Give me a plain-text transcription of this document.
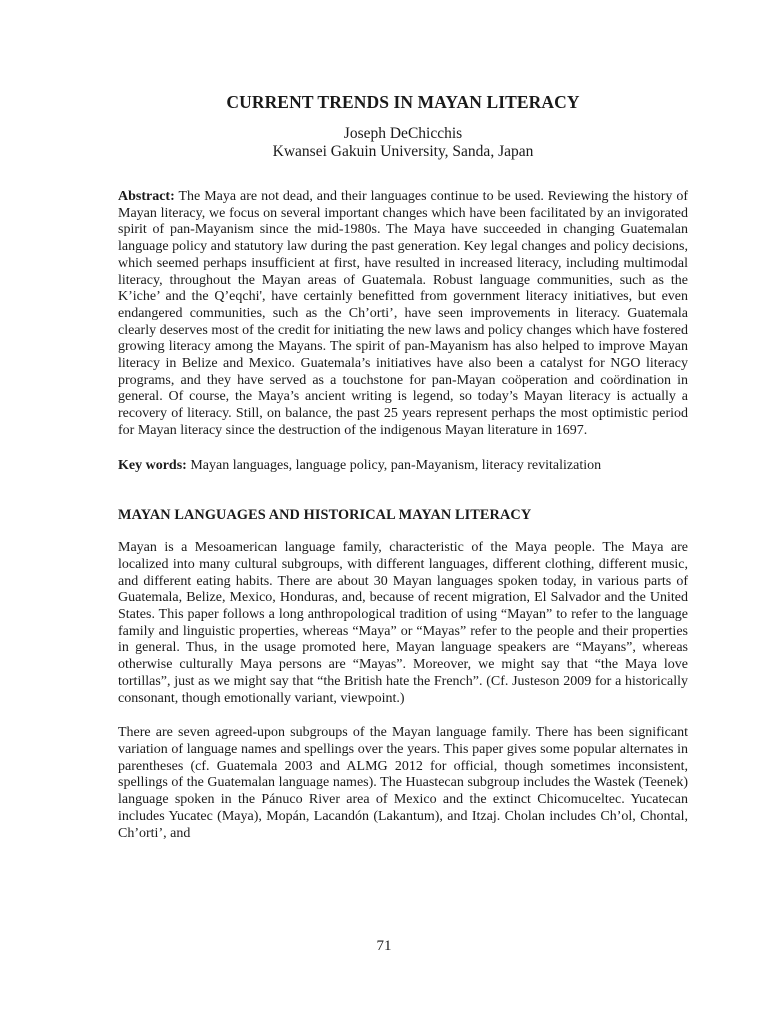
CURRENT TRENDS IN MAYAN LITERACY
Joseph DeChicchis
Kwansei Gakuin University, Sanda, Japan
Abstract: The Maya are not dead, and their languages continue to be used. Reviewing the history of Mayan literacy, we focus on several important changes which have been facilitated by an invigorated spirit of pan-Mayanism since the mid-1980s. The Maya have succeeded in changing Guatemalan language policy and statutory law during the past generation. Key legal changes and policy decisions, which seemed perhaps insufficient at first, have resulted in increased literacy, including multimodal literacy, throughout the Mayan areas of Guatemala. Robust language communities, such as the K’iche’ and the Q’eqchi', have certainly benefitted from government literacy initiatives, but even endangered communities, such as the Ch’orti’, have seen improvements in literacy. Guatemala clearly deserves most of the credit for initiating the new laws and policy changes which have fostered growing literacy among the Mayans. The spirit of pan-Mayanism has also helped to improve Mayan literacy in Belize and Mexico. Guatemala’s initiatives have also been a catalyst for NGO literacy programs, and they have served as a touchstone for pan-Mayan coöperation and coördination in general. Of course, the Maya’s ancient writing is legend, so today’s Mayan literacy is actually a recovery of literacy. Still, on balance, the past 25 years represent perhaps the most optimistic period for Mayan literacy since the destruction of the indigenous Mayan literature in 1697.
Key words: Mayan languages, language policy, pan-Mayanism, literacy revitalization
MAYAN LANGUAGES AND HISTORICAL MAYAN LITERACY
Mayan is a Mesoamerican language family, characteristic of the Maya people. The Maya are localized into many cultural subgroups, with different languages, different clothing, different music, and different eating habits. There are about 30 Mayan languages spoken today, in various parts of Guatemala, Belize, Mexico, Honduras, and, because of recent migration, El Salvador and the United States. This paper follows a long anthropological tradition of using “Mayan” to refer to the language family and linguistic properties, whereas “Maya” or “Mayas” refer to the people and their properties in general. Thus, in the usage promoted here, Mayan language speakers are “Mayans”, whereas otherwise culturally Maya persons are “Mayas”. Moreover, we might say that “the Maya love tortillas”, just as we might say that “the British hate the French”. (Cf. Justeson 2009 for a historically consonant, though emotionally variant, viewpoint.)
There are seven agreed-upon subgroups of the Mayan language family. There has been significant variation of language names and spellings over the years. This paper gives some popular alternates in parentheses (cf. Guatemala 2003 and ALMG 2012 for official, though sometimes inconsistent, spellings of the Guatemalan language names). The Huastecan subgroup includes the Wastek (Teenek) language spoken in the Pánuco River area of Mexico and the extinct Chicomuceltec. Yucatecan includes Yucatec (Maya), Mopán, Lacandón (Lakantum), and Itzaj. Cholan includes Ch’ol, Chontal, Ch’orti’, and
71
